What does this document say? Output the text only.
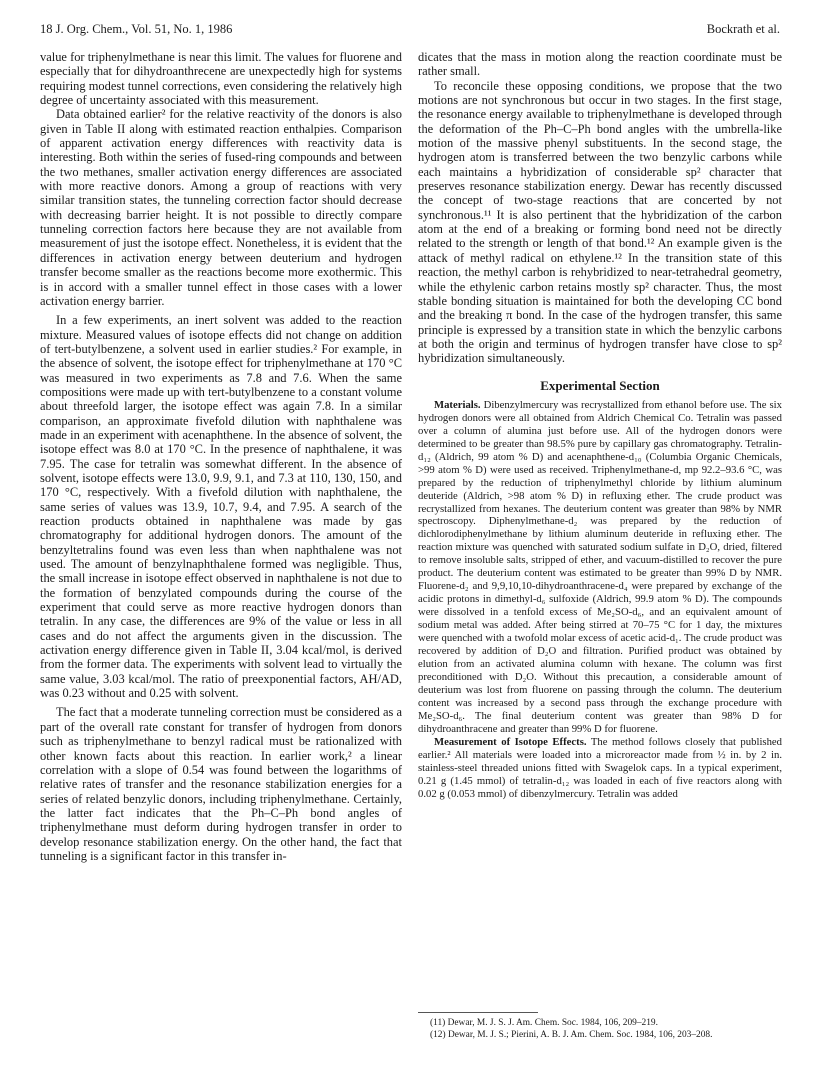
18 J. Org. Chem., Vol. 51, No. 1, 1986	Bockrath et al.

value for triphenylmethane is near this limit. The values for fluorene and especially that for dihydroanthrecene are unexpectedly high for systems requiring modest tunnel corrections, even considering the relatively high degree of uncertainty associated with this measurement.

Data obtained earlier² for the relative reactivity of the donors is also given in Table II along with estimated reaction enthalpies. Comparison of apparent activation energy differences with reactivity data is interesting. Both within the series of fused-ring compounds and between the two methanes, smaller activation energy differences are associated with more reactive donors. Among a group of reactions with very similar transition states, the tunneling correction factor should decrease with decreasing barrier height. It is not possible to directly compare tunneling correction factors here because they are not available from measurement of just the isotope effect. Nonetheless, it is evident that the differences in activation energy between deuterium and hydrogen transfer become smaller as the reactions become more exothermic. This is in accord with a smaller tunnel effect in those cases with a lower activation energy barrier.

In a few experiments, an inert solvent was added to the reaction mixture. Measured values of isotope effects did not change on addition of tert-butylbenzene, a solvent used in earlier studies.² For example, in the absence of solvent, the isotope effect for triphenylmethane at 170 °C was measured in two experiments as 7.8 and 7.6. When the same compositions were made up with tert-butylbenzene to a constant volume about threefold larger, the isotope effect was again 7.8. In a similar comparison, an approximate fivefold dilution with naphthalene was made in an experiment with acenaphthene. In the absence of solvent, the isotope effect was 8.0 at 170 °C. In the presence of naphthalene, it was 7.95. The case for tetralin was somewhat different. In the absence of solvent, isotope effects were 13.0, 9.9, 9.1, and 7.3 at 110, 130, 150, and 170 °C, respectively. With a fivefold dilution with naphthalene, the same series of values was 13.9, 10.7, 9.4, and 7.95. A search of the reaction products obtained in naphthalene was made by gas chromatography for additional hydrogen donors. The amount of the benzyltetralins found was even less than when naphthalene was not used. The amount of benzylnaphthalene formed was negligible. Thus, the small increase in isotope effect observed in naphthalene is not due to the formation of benzylated compounds during the course of the experiment that could serve as more reactive hydrogen donors than tetralin. In any case, the differences are 9% of the value or less in all cases and do not affect the arguments given in the discussion. The activation energy difference given in Table II, 3.04 kcal/mol, is derived from the former data. The experiments with solvent lead to virtually the same value, 3.03 kcal/mol. The ratio of preexponential factors, AH/AD, was 0.23 without and 0.25 with solvent.

The fact that a moderate tunneling correction must be considered as a part of the overall rate constant for transfer of hydrogen from donors such as triphenylmethane to benzyl radical must be rationalized with other known facts about this reaction. In earlier work,² a linear correlation with a slope of 0.54 was found between the logarithms of relative rates of transfer and the resonance stabilization energies for a series of related benzylic donors, including triphenylmethane. Certainly, the latter fact indicates that the Ph–C–Ph bond angles of triphenylmethane must deform during hydrogen transfer in order to develop resonance stabilization energy. On the other hand, the fact that tunneling is a significant factor in this transfer in-

dicates that the mass in motion along the reaction coordinate must be rather small.

To reconcile these opposing conditions, we propose that the two motions are not synchronous but occur in two stages. In the first stage, the resonance energy available to triphenylmethane is developed through the deformation of the Ph–C–Ph bond angles with the umbrella-like motion of the massive phenyl substituents. In the second stage, the hydrogen atom is transferred between the two benzylic carbons while each maintains a hybridization of considerable sp² character that preserves resonance stabilization energy. Dewar has recently discussed the concept of two-stage reactions that are concerted by not synchronous.¹¹ It is also pertinent that the hybridization of the carbon atom at the end of a breaking or forming bond need not be directly related to the strength or length of that bond.¹² An example given is the attack of methyl radical on ethylene.¹² In the transition state of this reaction, the methyl carbon is rehybridized to near-tetrahedral geometry, while the ethylenic carbon retains mostly sp² character. Thus, the most stable bonding situation is maintained for both the developing CC bond and the breaking π bond. In the case of the hydrogen transfer, this same principle is expressed by a transition state in which the benzylic carbons at both the origin and terminus of hydrogen transfer have close to sp² hybridization simultaneously.

Experimental Section

Materials. Dibenzylmercury was recrystallized from ethanol before use. The six hydrogen donors were all obtained from Aldrich Chemical Co. Tetralin was passed over a column of alumina just before use. All of the hydrogen donors were determined to be greater than 98.5% pure by capillary gas chromatography. Tetralin-d₁₂ (Aldrich, 99 atom % D) and acenaphthene-d₁₀ (Columbia Organic Chemicals, >99 atom % D) were used as received. Triphenylmethane-d, mp 92.2–93.6 °C, was prepared by the reduction of triphenylmethyl chloride by lithium aluminum deuteride (Aldrich, >98 atom % D) in refluxing ether. The crude product was recrystallized from hexanes. The deuterium content was greater than 98% by NMR spectroscopy. Diphenylmethane-d₂ was prepared by the reduction of dichlorodiphenylmethane by lithium aluminum deuteride in refluxing ether. The reaction mixture was quenched with saturated sodium sulfate in D₂O, dried, filtered to remove insoluble salts, stripped of ether, and vacuum-distilled to recover the pure product. The deuterium content was estimated to be greater than 99% D by NMR. Fluorene-d₂ and 9,9,10,10-dihydroanthracene-d₄ were prepared by exchange of the acidic protons in dimethyl-d₆ sulfoxide (Aldrich, 99.9 atom % D). The compounds were dissolved in a tenfold excess of Me₂SO-d₆, and an equivalent amount of sodium metal was added. After being stirred at 70–75 °C for 1 day, the mixtures were quenched with a twofold molar excess of acetic acid-d₁. The crude product was recovered by addition of D₂O and filtration. Purified product was obtained by elution from an activated alumina column with hexane. The column was first preconditioned with D₂O. Without this precaution, a considerable amount of deuterium was lost from fluorene on passing through the column. The deuterium content was increased by a second pass through the exchange procedure with Me₂SO-d₆. The final deuterium content was greater than 98% D for dihydroanthracene and greater than 99% D for fluorene.

Measurement of Isotope Effects. The method follows closely that published earlier.² All materials were loaded into a microreactor made from ½ in. by 2 in. stainless-steel threaded unions fitted with Swagelok caps. In a typical experiment, 0.21 g (1.45 mmol) of tetralin-d₁₂ was loaded in each of five reactors along with 0.02 g (0.053 mmol) of dibenzylmercury. Tetralin was added

(11) Dewar, M. J. S. J. Am. Chem. Soc. 1984, 106, 209–219.

(12) Dewar, M. J. S.; Pierini, A. B. J. Am. Chem. Soc. 1984, 106, 203–208.
